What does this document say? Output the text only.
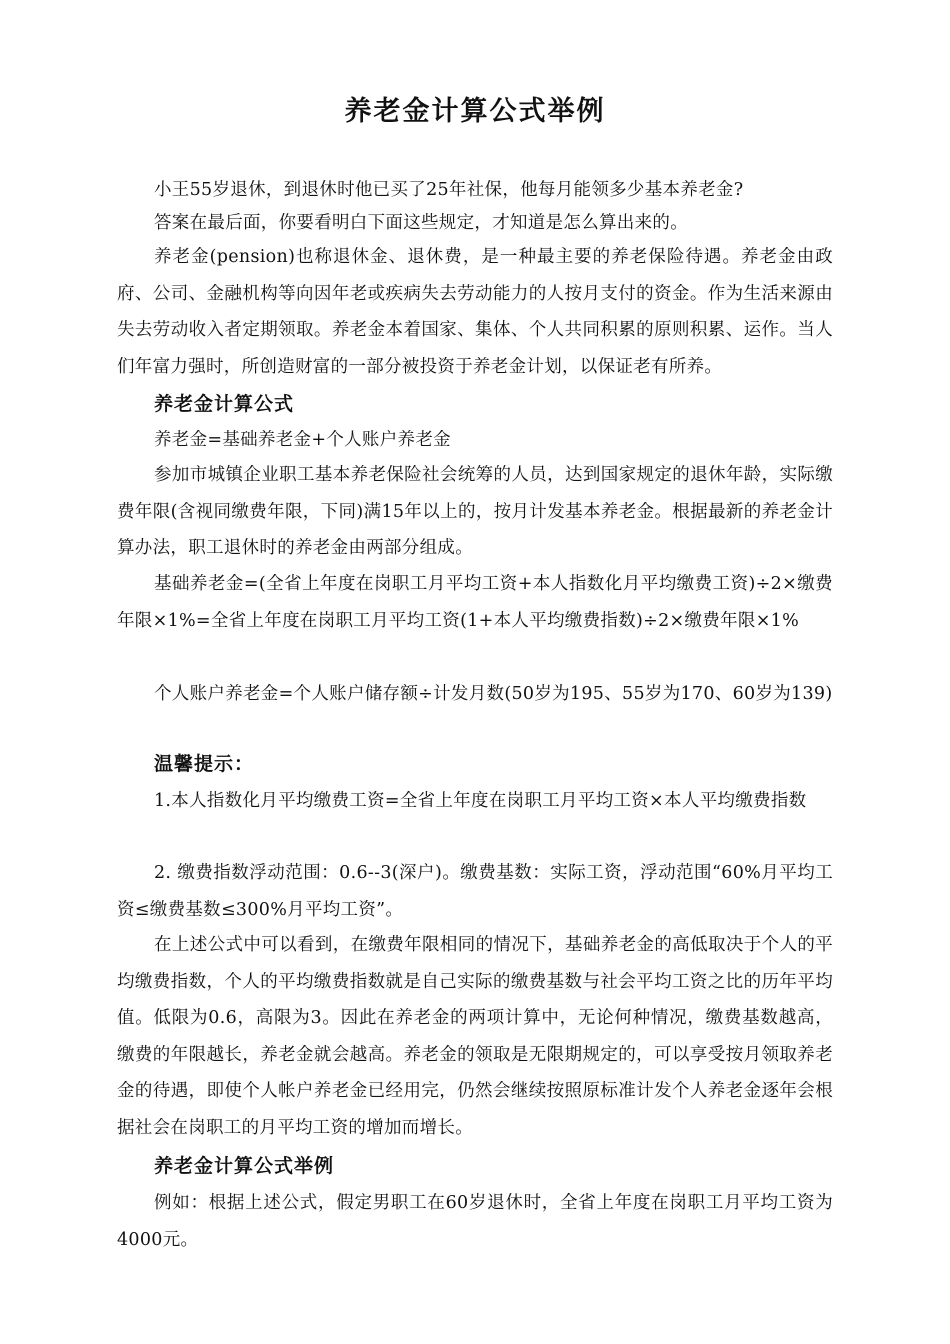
养老金计算公式举例

小王55岁退休，到退休时他已买了25年社保，他每月能领多少基本养老金?

答案在最后面，你要看明白下面这些规定，才知道是怎么算出来的。

养老金(pension)也称退休金、退休费，是一种最主要的养老保险待遇。养老金由政府、公司、金融机构等向因年老或疾病失去劳动能力的人按月支付的资金。作为生活来源由失去劳动收入者定期领取。养老金本着国家、集体、个人共同积累的原则积累、运作。当人们年富力强时，所创造财富的一部分被投资于养老金计划，以保证老有所养。

养老金计算公式

养老金=基础养老金+个人账户养老金

参加市城镇企业职工基本养老保险社会统筹的人员，达到国家规定的退休年龄，实际缴费年限(含视同缴费年限，下同)满15年以上的，按月计发基本养老金。根据最新的养老金计算办法，职工退休时的养老金由两部分组成。

基础养老金=(全省上年度在岗职工月平均工资+本人指数化月平均缴费工资)÷2×缴费年限×1%=全省上年度在岗职工月平均工资(1+本人平均缴费指数)÷2×缴费年限×1%

个人账户养老金=个人账户储存额÷计发月数(50岁为195、55岁为170、60岁为139)

温馨提示：

1.本人指数化月平均缴费工资=全省上年度在岗职工月平均工资×本人平均缴费指数

2. 缴费指数浮动范围：0.6--3(深户)。缴费基数：实际工资，浮动范围“60%月平均工资≤缴费基数≤300%月平均工资”。

在上述公式中可以看到，在缴费年限相同的情况下，基础养老金的高低取决于个人的平均缴费指数，个人的平均缴费指数就是自己实际的缴费基数与社会平均工资之比的历年平均值。低限为0.6，高限为3。因此在养老金的两项计算中，无论何种情况，缴费基数越高，缴费的年限越长，养老金就会越高。养老金的领取是无限期规定的，可以享受按月领取养老金的待遇，即使个人帐户养老金已经用完，仍然会继续按照原标准计发个人养老金逐年会根据社会在岗职工的月平均工资的增加而增长。

养老金计算公式举例

例如：根据上述公式，假定男职工在60岁退休时，全省上年度在岗职工月平均工资为4000元。
